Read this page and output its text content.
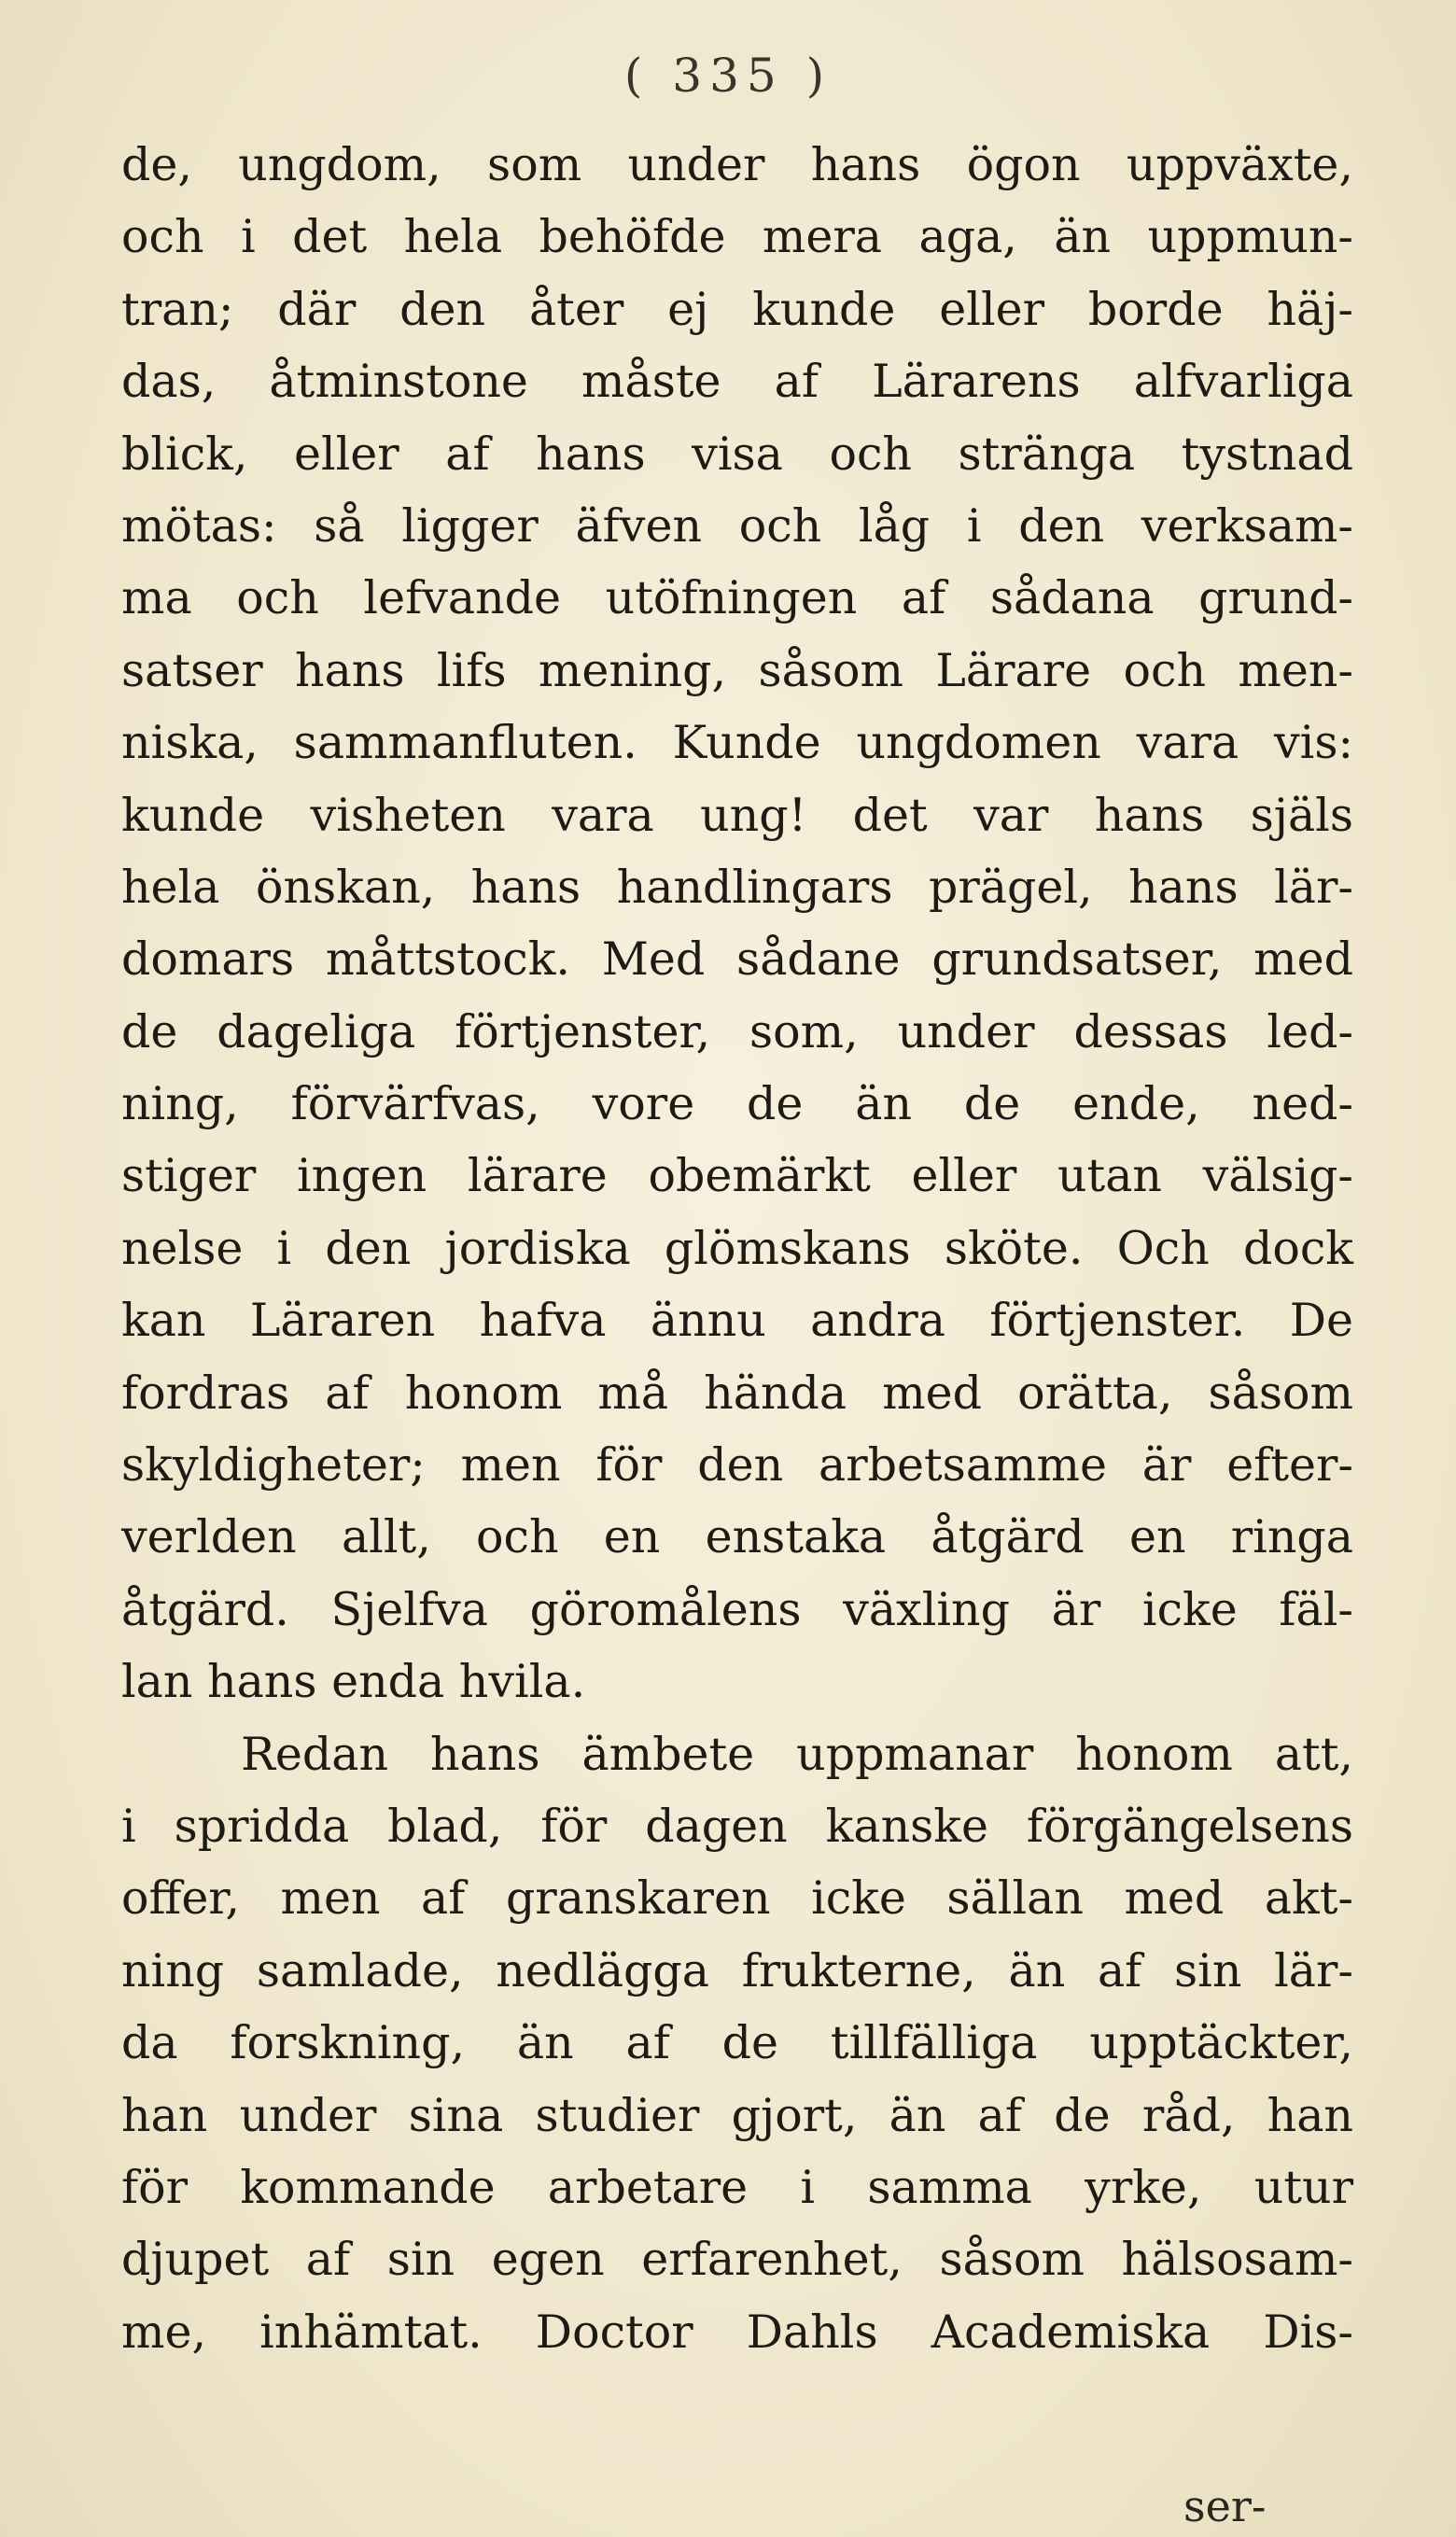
( 335 )
de, ungdom, som under hans ögon uppväxte,
och i det hela behöfde mera aga, än uppmun-
tran; där den åter ej kunde eller borde häj-
das, åtminstone måste af Lärarens alfvarliga
blick, eller af hans visa och stränga tystnad
mötas: så ligger äfven och låg i den verksam-
ma och lefvande utöfningen af sådana grund-
satser hans lifs mening, såsom Lärare och men-
niska, sammanfluten. Kunde ungdomen vara vis:
kunde visheten vara ung! det var hans själs
hela önskan, hans handlingars prägel, hans lär-
domars måttstock. Med sådane grundsatser, med
de dageliga förtjenster, som, under dessas led-
ning, förvärfvas, vore de än de ende, ned-
stiger ingen lärare obemärkt eller utan välsig-
nelse i den jordiska glömskans sköte. Och dock
kan Läraren hafva ännu andra förtjenster. De
fordras af honom må hända med orätta, såsom
skyldigheter; men för den arbetsamme är efter-
verlden allt, och en enstaka åtgärd en ringa
åtgärd. Sjelfva göromålens växling är icke fäl-
lan hans enda hvila.
Redan hans ämbete uppmanar honom att,
i spridda blad, för dagen kanske förgängelsens
offer, men af granskaren icke sällan med akt-
ning samlade, nedlägga frukterne, än af sin lär-
da forskning, än af de tillfälliga upptäckter,
han under sina studier gjort, än af de råd, han
för kommande arbetare i samma yrke, utur
djupet af sin egen erfarenhet, såsom hälsosam-
me, inhämtat. Doctor Dahls Academiska Dis-
ser-
